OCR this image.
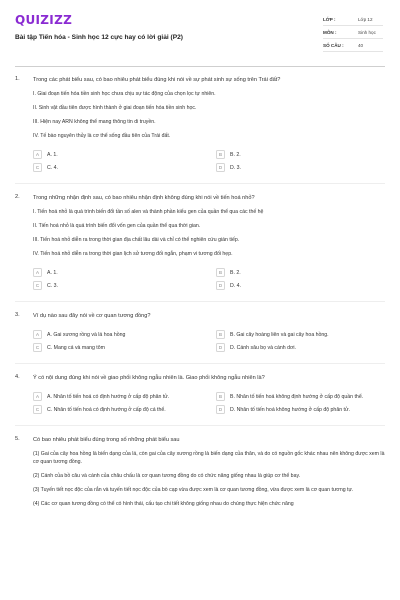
QUIZIZZ
Bài tập Tiến hóa - Sinh học 12 cực hay có lời giải (P2)
LỚP :	Lớp 12
MÔN :	Sinh học
SỐ CÂU :	40
1. Trong các phát biểu sau, có bao nhiêu phát biểu đúng khi nói về sự phát sinh sự sống trên Trái đất?
I. Giai đoạn tiến hóa tiền sinh học chưa chịu sự tác động của chọn lọc tự nhiên.
II. Sinh vật đầu tiên được hình thành ở giai đoạn tiến hóa tiền sinh học.
III. Hiện nay ARN không thể mang thông tin di truyền.
IV. Tế bào nguyên thủy là cơ thể sống đầu tiên của Trái đất.
A	A. 1.	B	B. 2.
C	C. 4.	D	D. 3.
2. Trong những nhận định sau, có bao nhiêu nhận định không đúng khi nói về tiến hoá nhỏ?
I. Tiến hoá nhỏ là quá trình biến đổi tần số alen và thành phần kiểu gen của quần thể qua các thế hệ
II. Tiến hoá nhỏ là quá trình biến đổi vốn gen của quần thể qua thời gian.
III. Tiến hoá nhỏ diễn ra trong thời gian địa chất lâu dài và chỉ có thể nghiên cứu gián tiếp.
IV. Tiến hoá nhỏ diễn ra trong thời gian lịch sử tương đối ngắn, phạm vi tương đối hẹp.
A	A. 1.	B	B. 2.
C	C. 3.	D	D. 4.
3. Ví dụ nào sau đây nói về cơ quan tương đồng?
A	A. Gai xương rồng và lá hoa hồng	B	B. Gai cây hoàng liên và gai cây hoa hồng.
C	C. Mang cá và mang tôm	D	D. Cánh sâu bọ và cánh dơi.
4. Ý có nội dung đúng khi nói về giao phối không ngẫu nhiên là. Giao phối không ngẫu nhiên là?
A	A. Nhân tố tiến hoá có định hướng ở cấp độ phân tử.	B	B. Nhân tố tiến hoá không định hướng ở cấp độ quần thể.
C	C. Nhân tố tiến hoá có định hướng ở cấp độ cá thể.	D	D. Nhân tố tiến hoá không hướng ở cấp độ phân tử.
5. Có bao nhiêu phát biểu đúng trong số những phát biểu sau
(1) Gai của cây hoa hồng là biến dạng của lá, còn gai của cây xương rồng là biến dạng của thân, và do có nguồn gốc khác nhau nên không được xem là cơ quan tương đồng.
(2) Cánh của bồ câu và cánh của châu chấu là cơ quan tương đồng do có chức năng giống nhau là giúp cơ thể bay.
(3) Tuyến tiết nọc độc của rắn và tuyến tiết nọc độc của bò cạp vừa được xem là cơ quan tương đồng, vừa được xem là cơ quan tương tự.
(4) Các cơ quan tương đồng có thể có hình thái, cấu tạo chi tiết không giống nhau do chúng thực hiện chức năng
